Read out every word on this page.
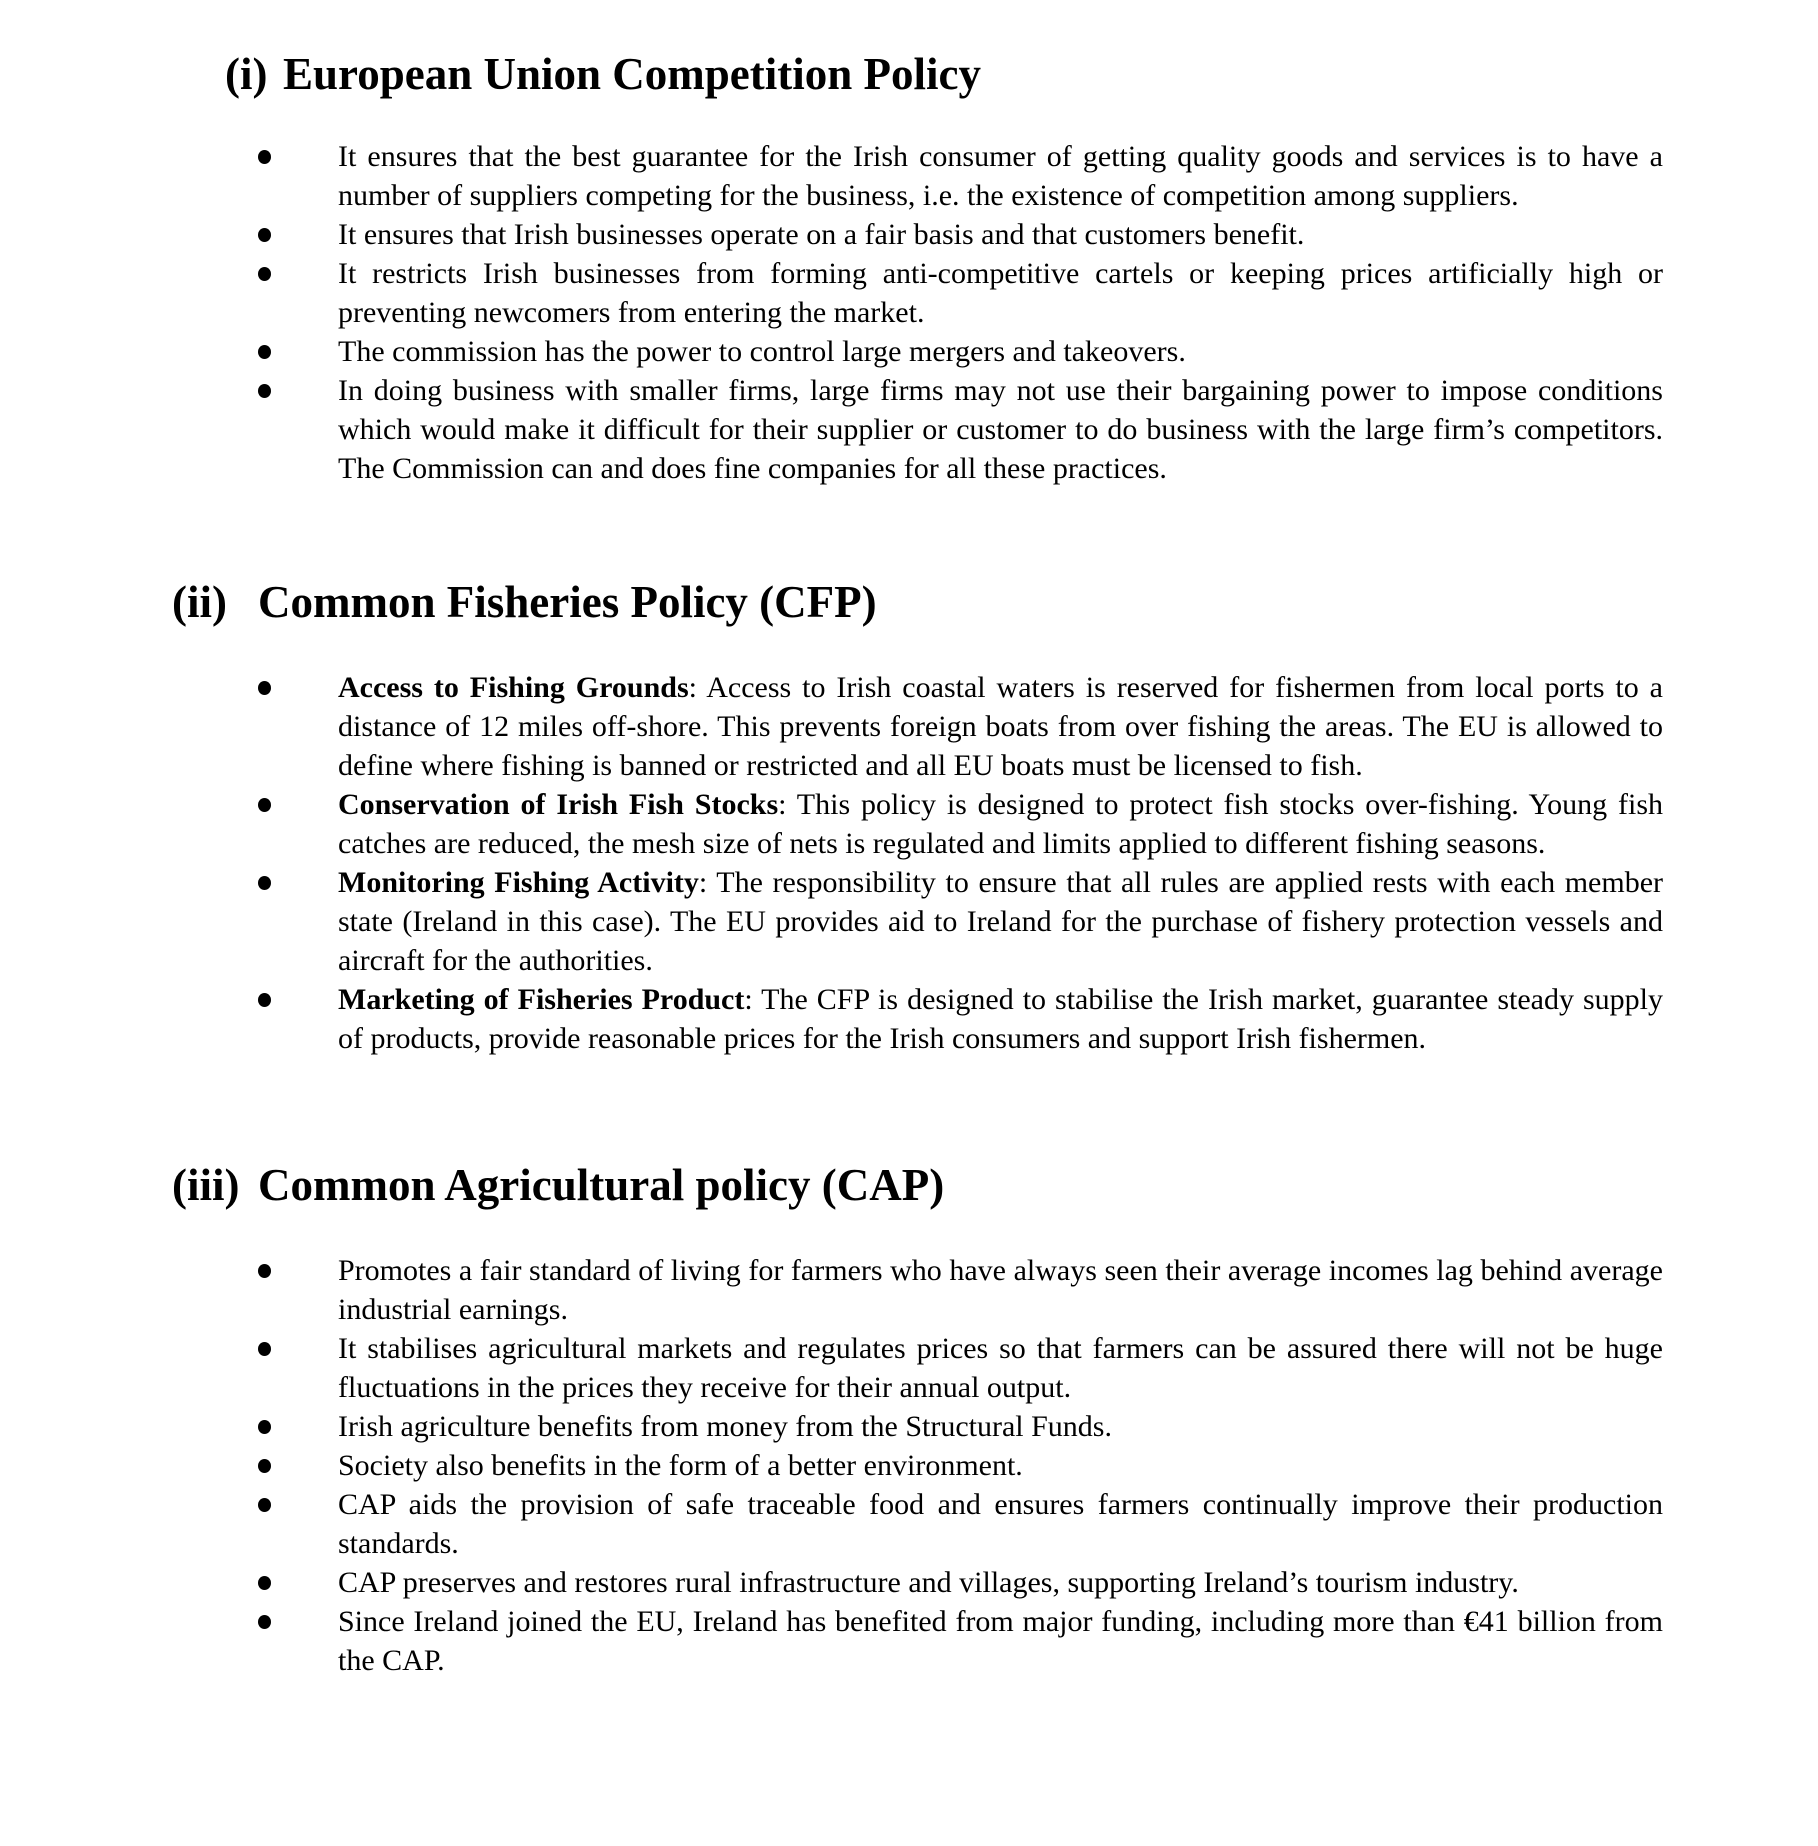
(i) European Union Competition Policy

It ensures that the best guarantee for the Irish consumer of getting quality goods and services is to have a number of suppliers competing for the business, i.e. the existence of competition among suppliers.

It ensures that Irish businesses operate on a fair basis and that customers benefit.

It restricts Irish businesses from forming anti-competitive cartels or keeping prices artificially high or preventing newcomers from entering the market.

The commission has the power to control large mergers and takeovers.

In doing business with smaller firms, large firms may not use their bargaining power to impose conditions which would make it difficult for their supplier or customer to do business with the large firm’s competitors. The Commission can and does fine companies for all these practices.

(ii) Common Fisheries Policy (CFP)

Access to Fishing Grounds: Access to Irish coastal waters is reserved for fishermen from local ports to a distance of 12 miles off-shore. This prevents foreign boats from over fishing the areas. The EU is allowed to define where fishing is banned or restricted and all EU boats must be licensed to fish.

Conservation of Irish Fish Stocks: This policy is designed to protect fish stocks over-fishing. Young fish catches are reduced, the mesh size of nets is regulated and limits applied to different fishing seasons.

Monitoring Fishing Activity: The responsibility to ensure that all rules are applied rests with each member state (Ireland in this case). The EU provides aid to Ireland for the purchase of fishery protection vessels and aircraft for the authorities.

Marketing of Fisheries Product: The CFP is designed to stabilise the Irish market, guarantee steady supply of products, provide reasonable prices for the Irish consumers and support Irish fishermen.

(iii) Common Agricultural policy (CAP)

Promotes a fair standard of living for farmers who have always seen their average incomes lag behind average industrial earnings.

It stabilises agricultural markets and regulates prices so that farmers can be assured there will not be huge fluctuations in the prices they receive for their annual output.

Irish agriculture benefits from money from the Structural Funds.

Society also benefits in the form of a better environment.

CAP aids the provision of safe traceable food and ensures farmers continually improve their production standards.

CAP preserves and restores rural infrastructure and villages, supporting Ireland’s tourism industry.

Since Ireland joined the EU, Ireland has benefited from major funding, including more than €41 billion from the CAP.
